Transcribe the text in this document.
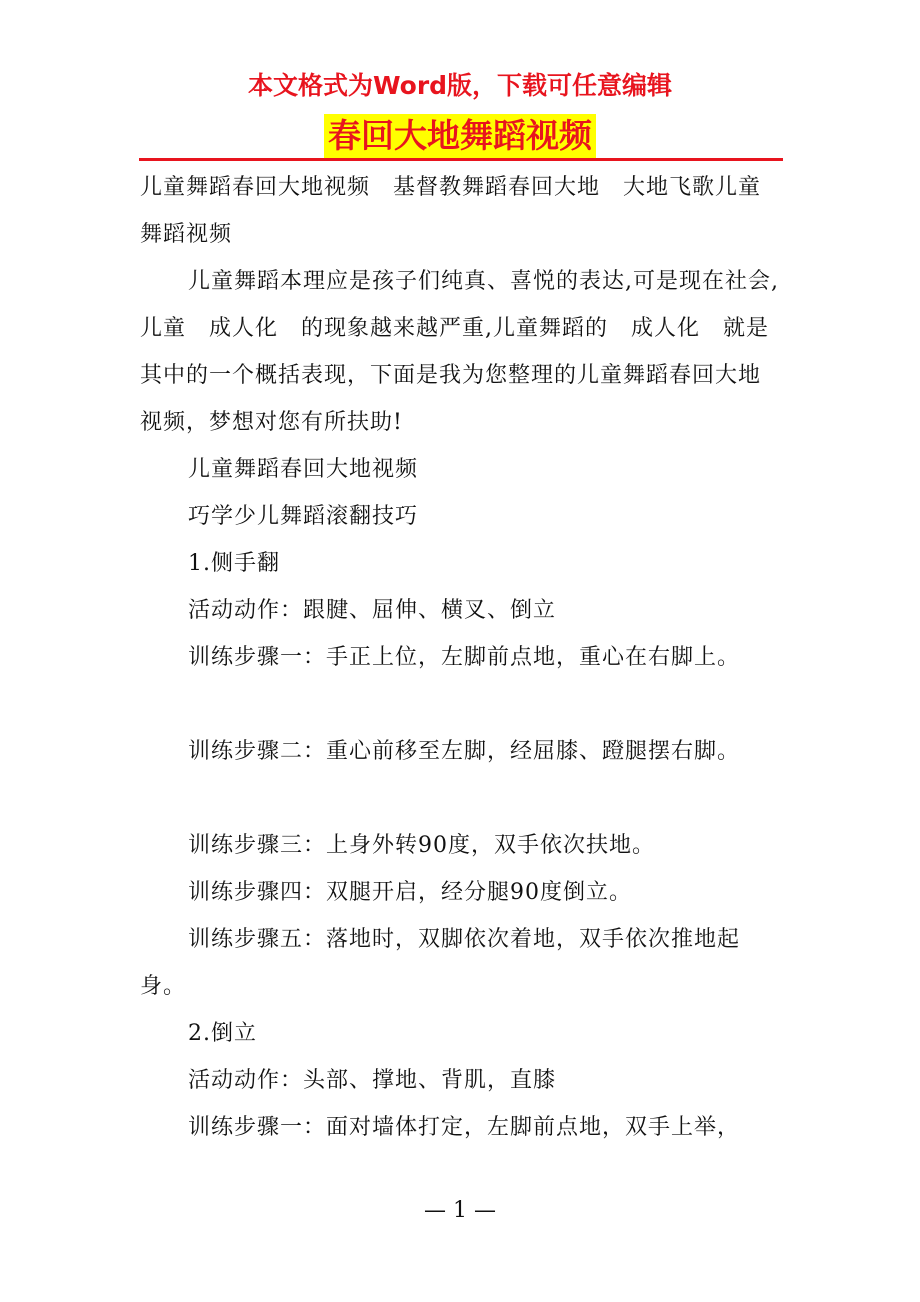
本文格式为Word版，下载可任意编辑
春回大地舞蹈视频

儿童舞蹈春回大地视频　基督教舞蹈春回大地　大地飞歌儿童舞蹈视频

儿童舞蹈本理应是孩子们纯真、喜悦的表达,可是现在社会,儿童　成人化　的现象越来越严重,儿童舞蹈的　成人化　就是其中的一个概括表现，下面是我为您整理的儿童舞蹈春回大地视频，梦想对您有所扶助!

儿童舞蹈春回大地视频

巧学少儿舞蹈滚翻技巧

1.侧手翻

活动动作：跟腱、屈伸、横叉、倒立

训练步骤一：手正上位，左脚前点地，重心在右脚上。

训练步骤二：重心前移至左脚，经屈膝、蹬腿摆右脚。

训练步骤三：上身外转90度，双手依次扶地。

训练步骤四：双腿开启，经分腿90度倒立。

训练步骤五：落地时，双脚依次着地，双手依次推地起身。

2.倒立

活动动作：头部、撑地、背肌，直膝

训练步骤一：面对墙体打定，左脚前点地，双手上举，

— 1 —
